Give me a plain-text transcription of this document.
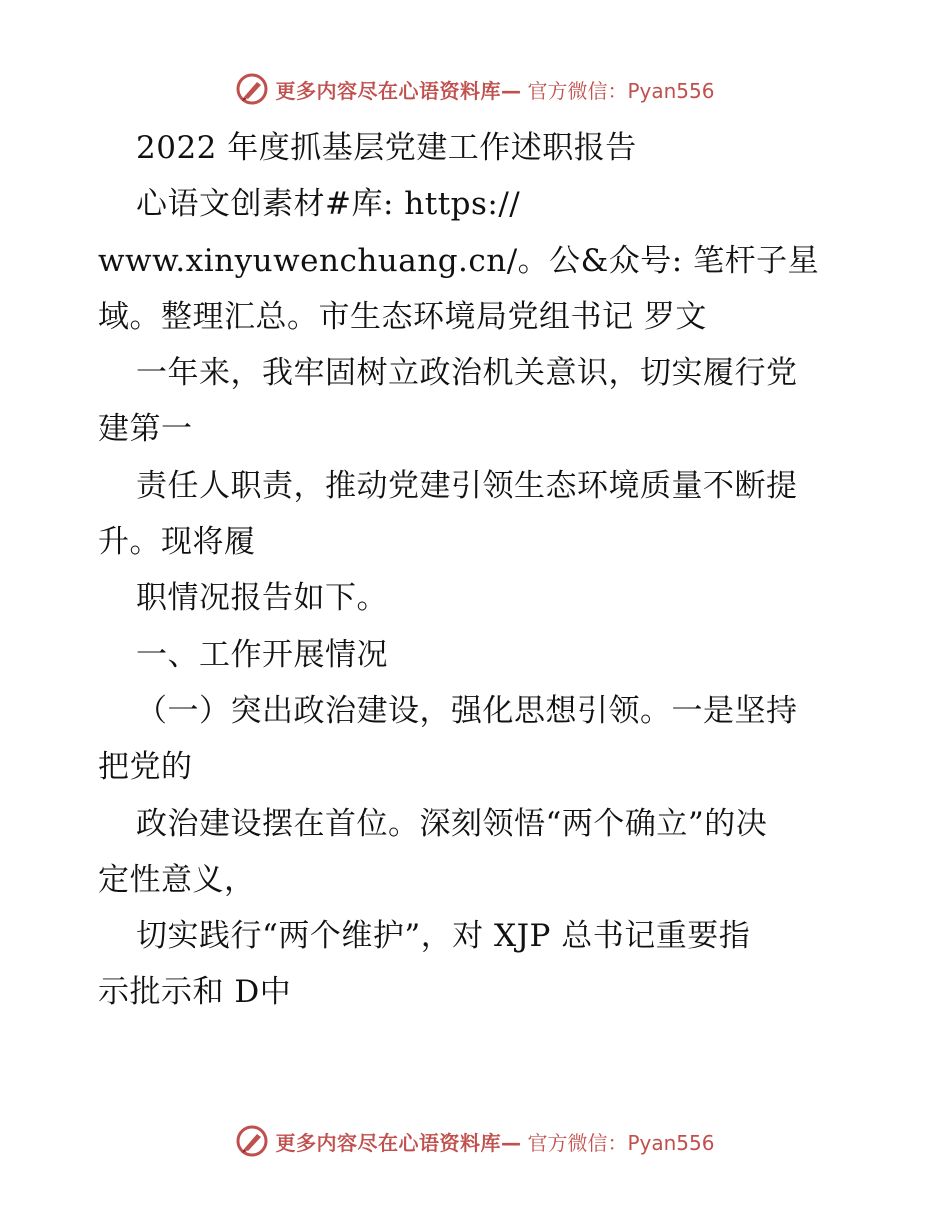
更多内容尽在心语资料库— 官方微信：Pyan556
2022 年度抓基层党建工作述职报告
心语文创素材#库: https://
www.xinyuwenchuang.cn/。公&众号: 笔杆子星
域。整理汇总。市生态环境局党组书记 罗文
一年来，我牢固树立政治机关意识，切实履行党
建第一
责任人职责，推动党建引领生态环境质量不断提
升。现将履
职情况报告如下。
一、工作开展情况
（一）突出政治建设，强化思想引领。一是坚持
把党的
政治建设摆在首位。深刻领悟“两个确立”的决
定性意义，
切实践行“两个维护”，对 XJP 总书记重要指
示批示和 D中
更多内容尽在心语资料库— 官方微信：Pyan556
